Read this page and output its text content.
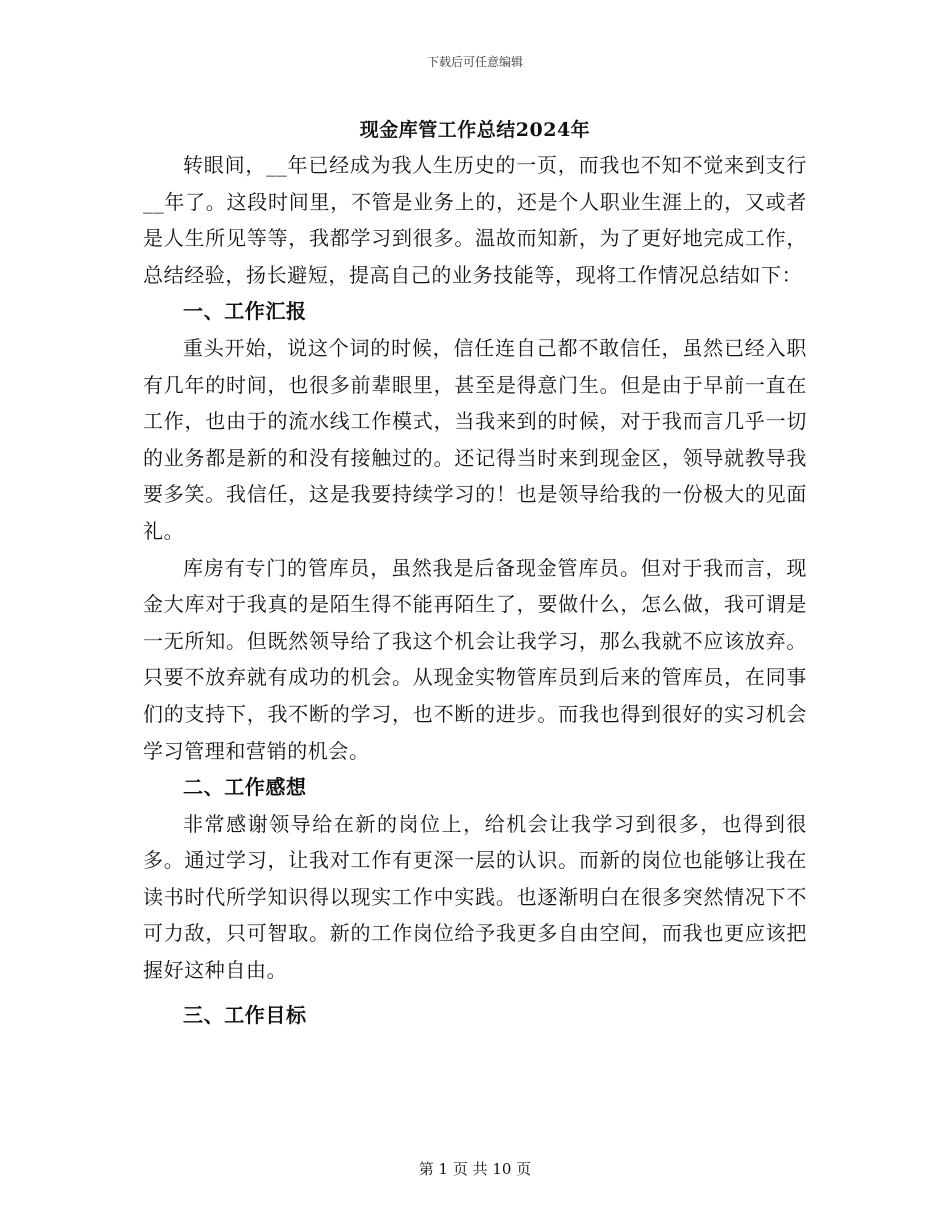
下载后可任意编辑
现金库管工作总结2024年

转眼间，__年已经成为我人生历史的一页，而我也不知不觉来到支行__年了。这段时间里，不管是业务上的，还是个人职业生涯上的，又或者是人生所见等等，我都学习到很多。温故而知新，为了更好地完成工作，总结经验，扬长避短，提高自己的业务技能等，现将工作情况总结如下：

一、工作汇报

重头开始，说这个词的时候，信任连自己都不敢信任，虽然已经入职有几年的时间，也很多前辈眼里，甚至是得意门生。但是由于早前一直在工作，也由于的流水线工作模式，当我来到的时候，对于我而言几乎一切的业务都是新的和没有接触过的。还记得当时来到现金区，领导就教导我要多笑。我信任，这是我要持续学习的！也是领导给我的一份极大的见面礼。

库房有专门的管库员，虽然我是后备现金管库员。但对于我而言，现金大库对于我真的是陌生得不能再陌生了，要做什么，怎么做，我可谓是一无所知。但既然领导给了我这个机会让我学习，那么我就不应该放弃。只要不放弃就有成功的机会。从现金实物管库员到后来的管库员，在同事们的支持下，我不断的学习，也不断的进步。而我也得到很好的实习机会学习管理和营销的机会。

二、工作感想

非常感谢领导给在新的岗位上，给机会让我学习到很多，也得到很多。通过学习，让我对工作有更深一层的认识。而新的岗位也能够让我在读书时代所学知识得以现实工作中实践。也逐渐明白在很多突然情况下不可力敌，只可智取。新的工作岗位给予我更多自由空间，而我也更应该把握好这种自由。

三、工作目标
第 1 页 共 10 页
